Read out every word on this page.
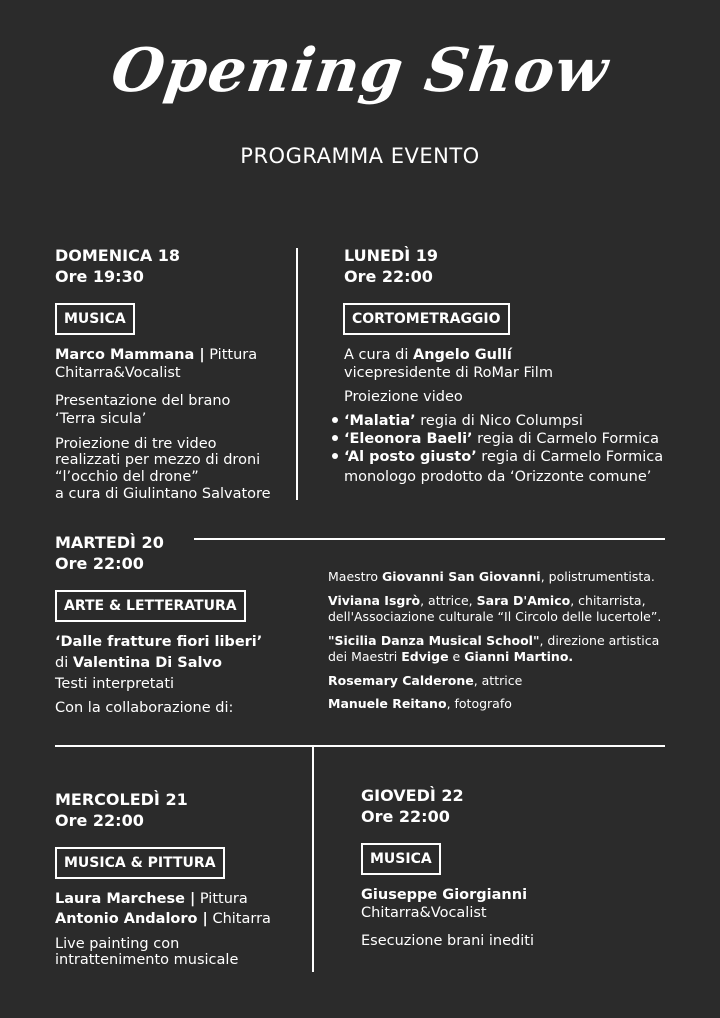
Opening Show
PROGRAMMA EVENTO
DOMENICA 18
Ore 19:30
MUSICA
Marco Mammana | Pittura
Chitarra&Vocalist
Presentazione del brano
‘Terra sicula’
Proiezione di tre video
realizzati per mezzo di droni
“l’occhio del drone”
a cura di Giulintano Salvatore
LUNEDÌ 19
Ore 22:00
CORTOMETRAGGIO
A cura di Angelo Gullí
vicepresidente di RoMar Film
Proiezione video
‘Malatia’ regia di Nico Columpsi
‘Eleonora Baeli’ regia di Carmelo Formica
‘Al posto giusto’ regia di Carmelo Formica
monologo prodotto da ‘Orizzonte comune’
MARTEDÌ 20
Ore 22:00
ARTE & LETTERATURA
‘Dalle fratture fiori liberi’
di Valentina Di Salvo
Testi interpretati
Con la collaborazione di:
Maestro Giovanni San Giovanni, polistrumentista.
Viviana Isgrò, attrice, Sara D'Amico, chitarrista,
dell'Associazione culturale “Il Circolo delle lucertole”.
"Sicilia Danza Musical School", direzione artistica
dei Maestri Edvige e Gianni Martino.
Rosemary Calderone, attrice
Manuele Reitano, fotografo
MERCOLEDÌ 21
Ore 22:00
MUSICA & PITTURA
Laura Marchese | Pittura
Antonio Andaloro | Chitarra
Live painting con
intrattenimento musicale
GIOVEDÌ 22
Ore 22:00
MUSICA
Giuseppe Giorgianni
Chitarra&Vocalist
Esecuzione brani inediti
